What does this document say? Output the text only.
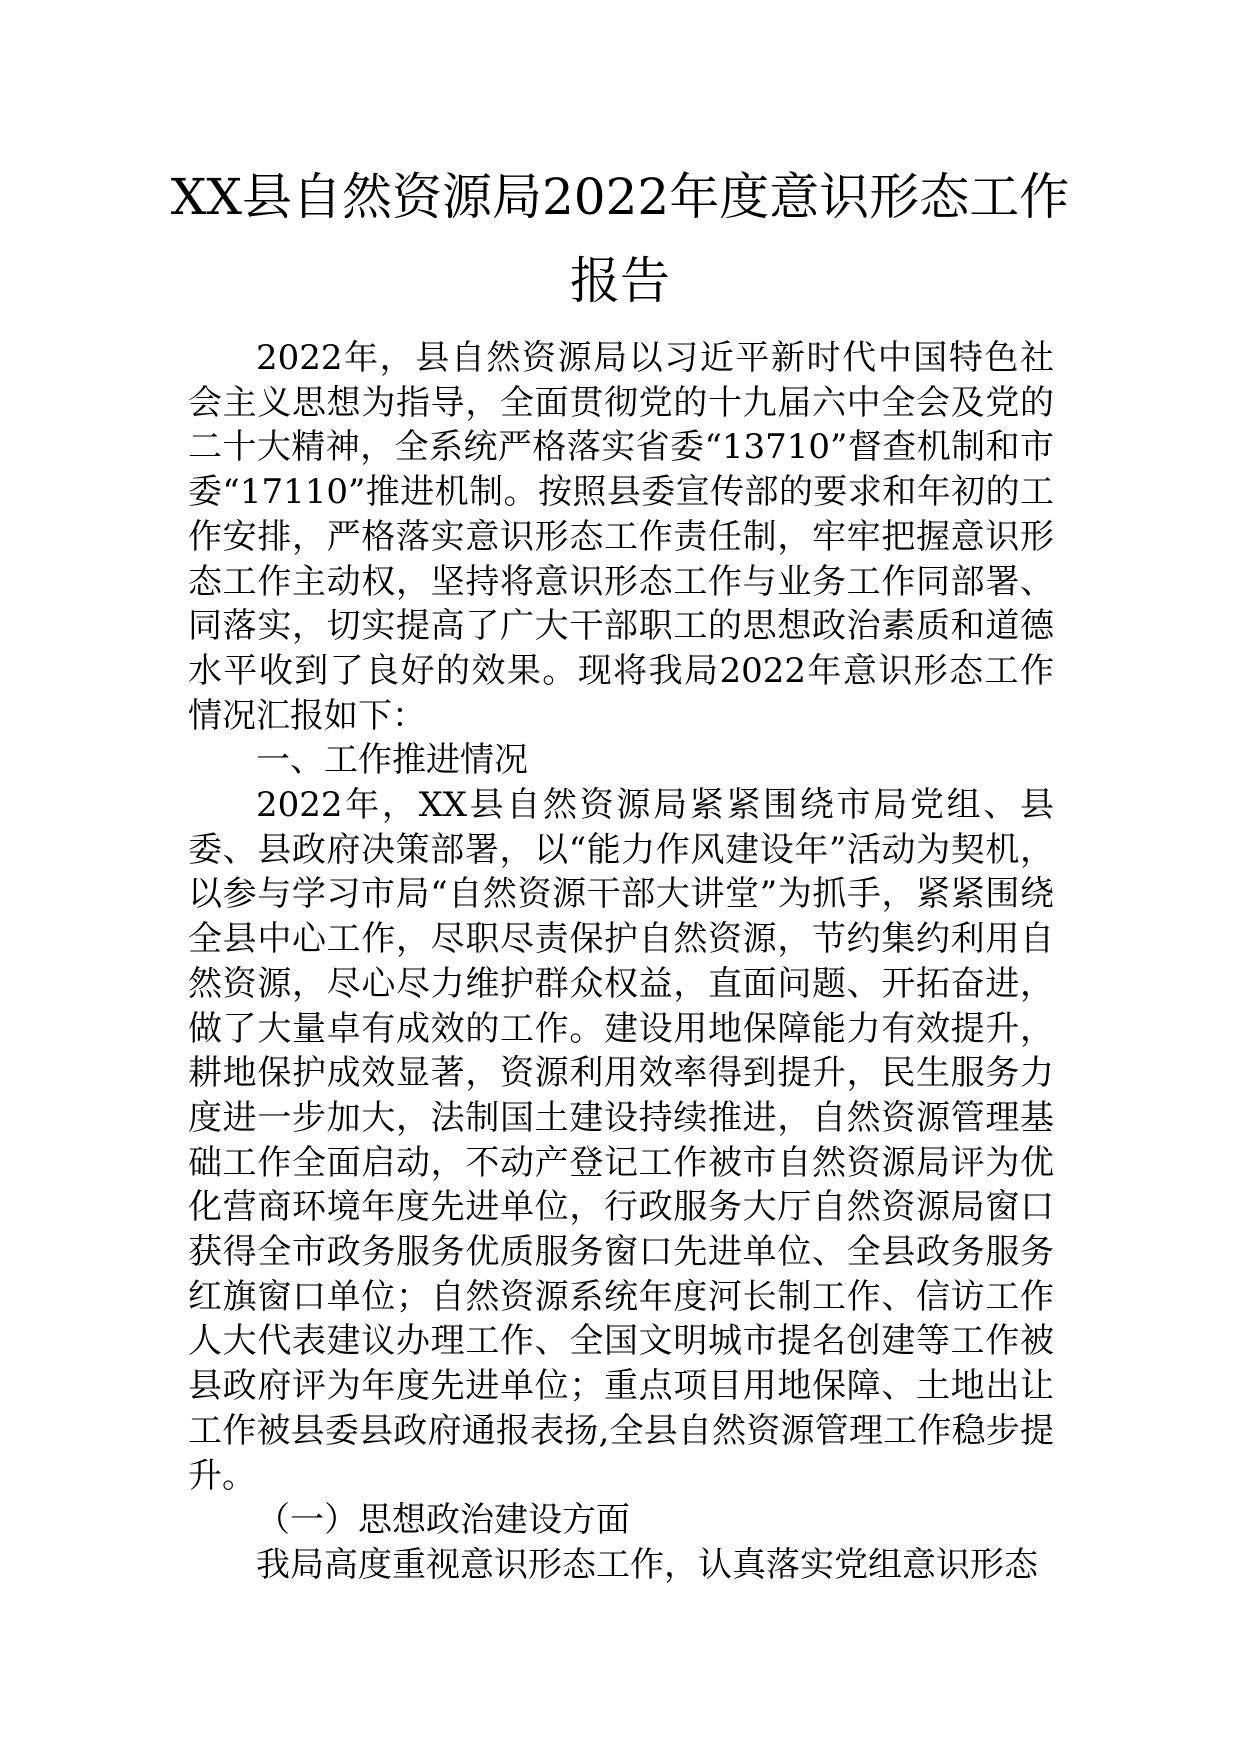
XX县自然资源局2022年度意识形态工作报告

2022年，县自然资源局以习近平新时代中国特色社会主义思想为指导，全面贯彻党的十九届六中全会及党的二十大精神，全系统严格落实省委“13710”督查机制和市委“17110”推进机制。按照县委宣传部的要求和年初的工作安排，严格落实意识形态工作责任制，牢牢把握意识形态工作主动权，坚持将意识形态工作与业务工作同部署、同落实，切实提高了广大干部职工的思想政治素质和道德水平收到了良好的效果。现将我局2022年意识形态工作情况汇报如下：

一、工作推进情况

2022年，XX县自然资源局紧紧围绕市局党组、县委、县政府决策部署，以“能力作风建设年”活动为契机，以参与学习市局“自然资源干部大讲堂”为抓手，紧紧围绕全县中心工作，尽职尽责保护自然资源，节约集约利用自然资源，尽心尽力维护群众权益，直面问题、开拓奋进，做了大量卓有成效的工作。建设用地保障能力有效提升，耕地保护成效显著，资源利用效率得到提升，民生服务力度进一步加大，法制国土建设持续推进，自然资源管理基础工作全面启动，不动产登记工作被市自然资源局评为优化营商环境年度先进单位，行政服务大厅自然资源局窗口获得全市政务服务优质服务窗口先进单位、全县政务服务红旗窗口单位；自然资源系统年度河长制工作、信访工作人大代表建议办理工作、全国文明城市提名创建等工作被县政府评为年度先进单位；重点项目用地保障、土地出让工作被县委县政府通报表扬,全县自然资源管理工作稳步提升。

（一）思想政治建设方面

我局高度重视意识形态工作，认真落实党组意识形态
